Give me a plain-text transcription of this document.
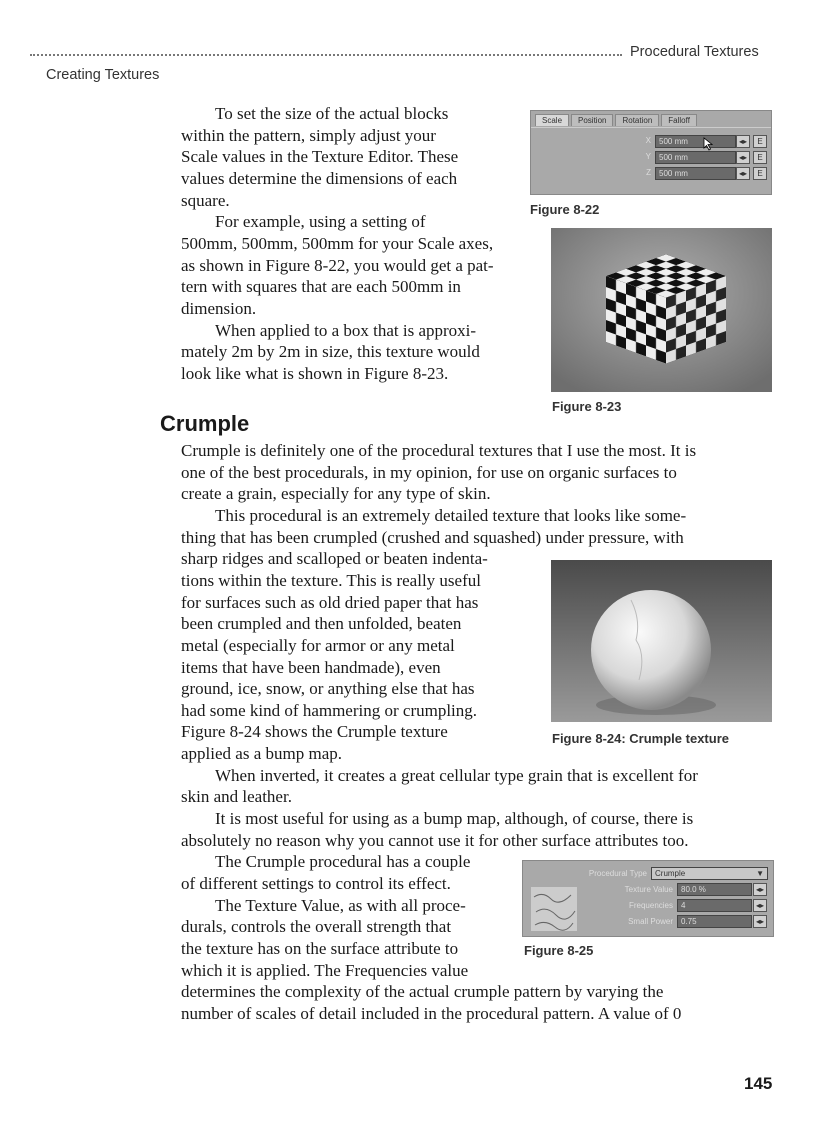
Procedural Textures
Creating Textures
To set the size of the actual blocks
within the pattern, simply adjust your
Scale values in the Texture Editor. These
values determine the dimensions of each
square.
For example, using a setting of
500mm, 500mm, 500mm for your Scale axes,
as shown in Figure 8-22, you would get a pat-
tern with squares that are each 500mm in
dimension.
When applied to a box that is approxi-
mately 2m by 2m in size, this texture would
look like what is shown in Figure 8-23.
Crumple
Crumple is definitely one of the procedural textures that I use the most. It is
one of the best procedurals, in my opinion, for use on organic surfaces to
create a grain, especially for any type of skin.
This procedural is an extremely detailed texture that looks like some-
thing that has been crumpled (crushed and squashed) under pressure, with
sharp ridges and scalloped or beaten indenta-
tions within the texture. This is really useful
for surfaces such as old dried paper that has
been crumpled and then unfolded, beaten
metal (especially for armor or any metal
items that have been handmade), even
ground, ice, snow, or anything else that has
had some kind of hammering or crumpling.
Figure 8-24 shows the Crumple texture
applied as a bump map.
When inverted, it creates a great cellular type grain that is excellent for
skin and leather.
It is most useful for using as a bump map, although, of course, there is
absolutely no reason why you cannot use it for other surface attributes too.
The Crumple procedural has a couple
of different settings to control its effect.
The Texture Value, as with all proce-
durals, controls the overall strength that
the texture has on the surface attribute to
which it is applied. The Frequencies value
determines the complexity of the actual crumple pattern by varying the
number of scales of detail included in the procedural pattern. A value of 0
Scale	Position	Rotation	Falloff
X	500 mm	◂▸	E
Y	500 mm	◂▸	E
Z	500 mm	◂▸	E
Figure 8-22
Figure 8-23
Figure 8-24: Crumple texture
Procedural Type	Crumple	▼
Texture Value	80.0 %	◂▸
Frequencies	4	◂▸
Small Power	0.75	◂▸
Figure 8-25
145
